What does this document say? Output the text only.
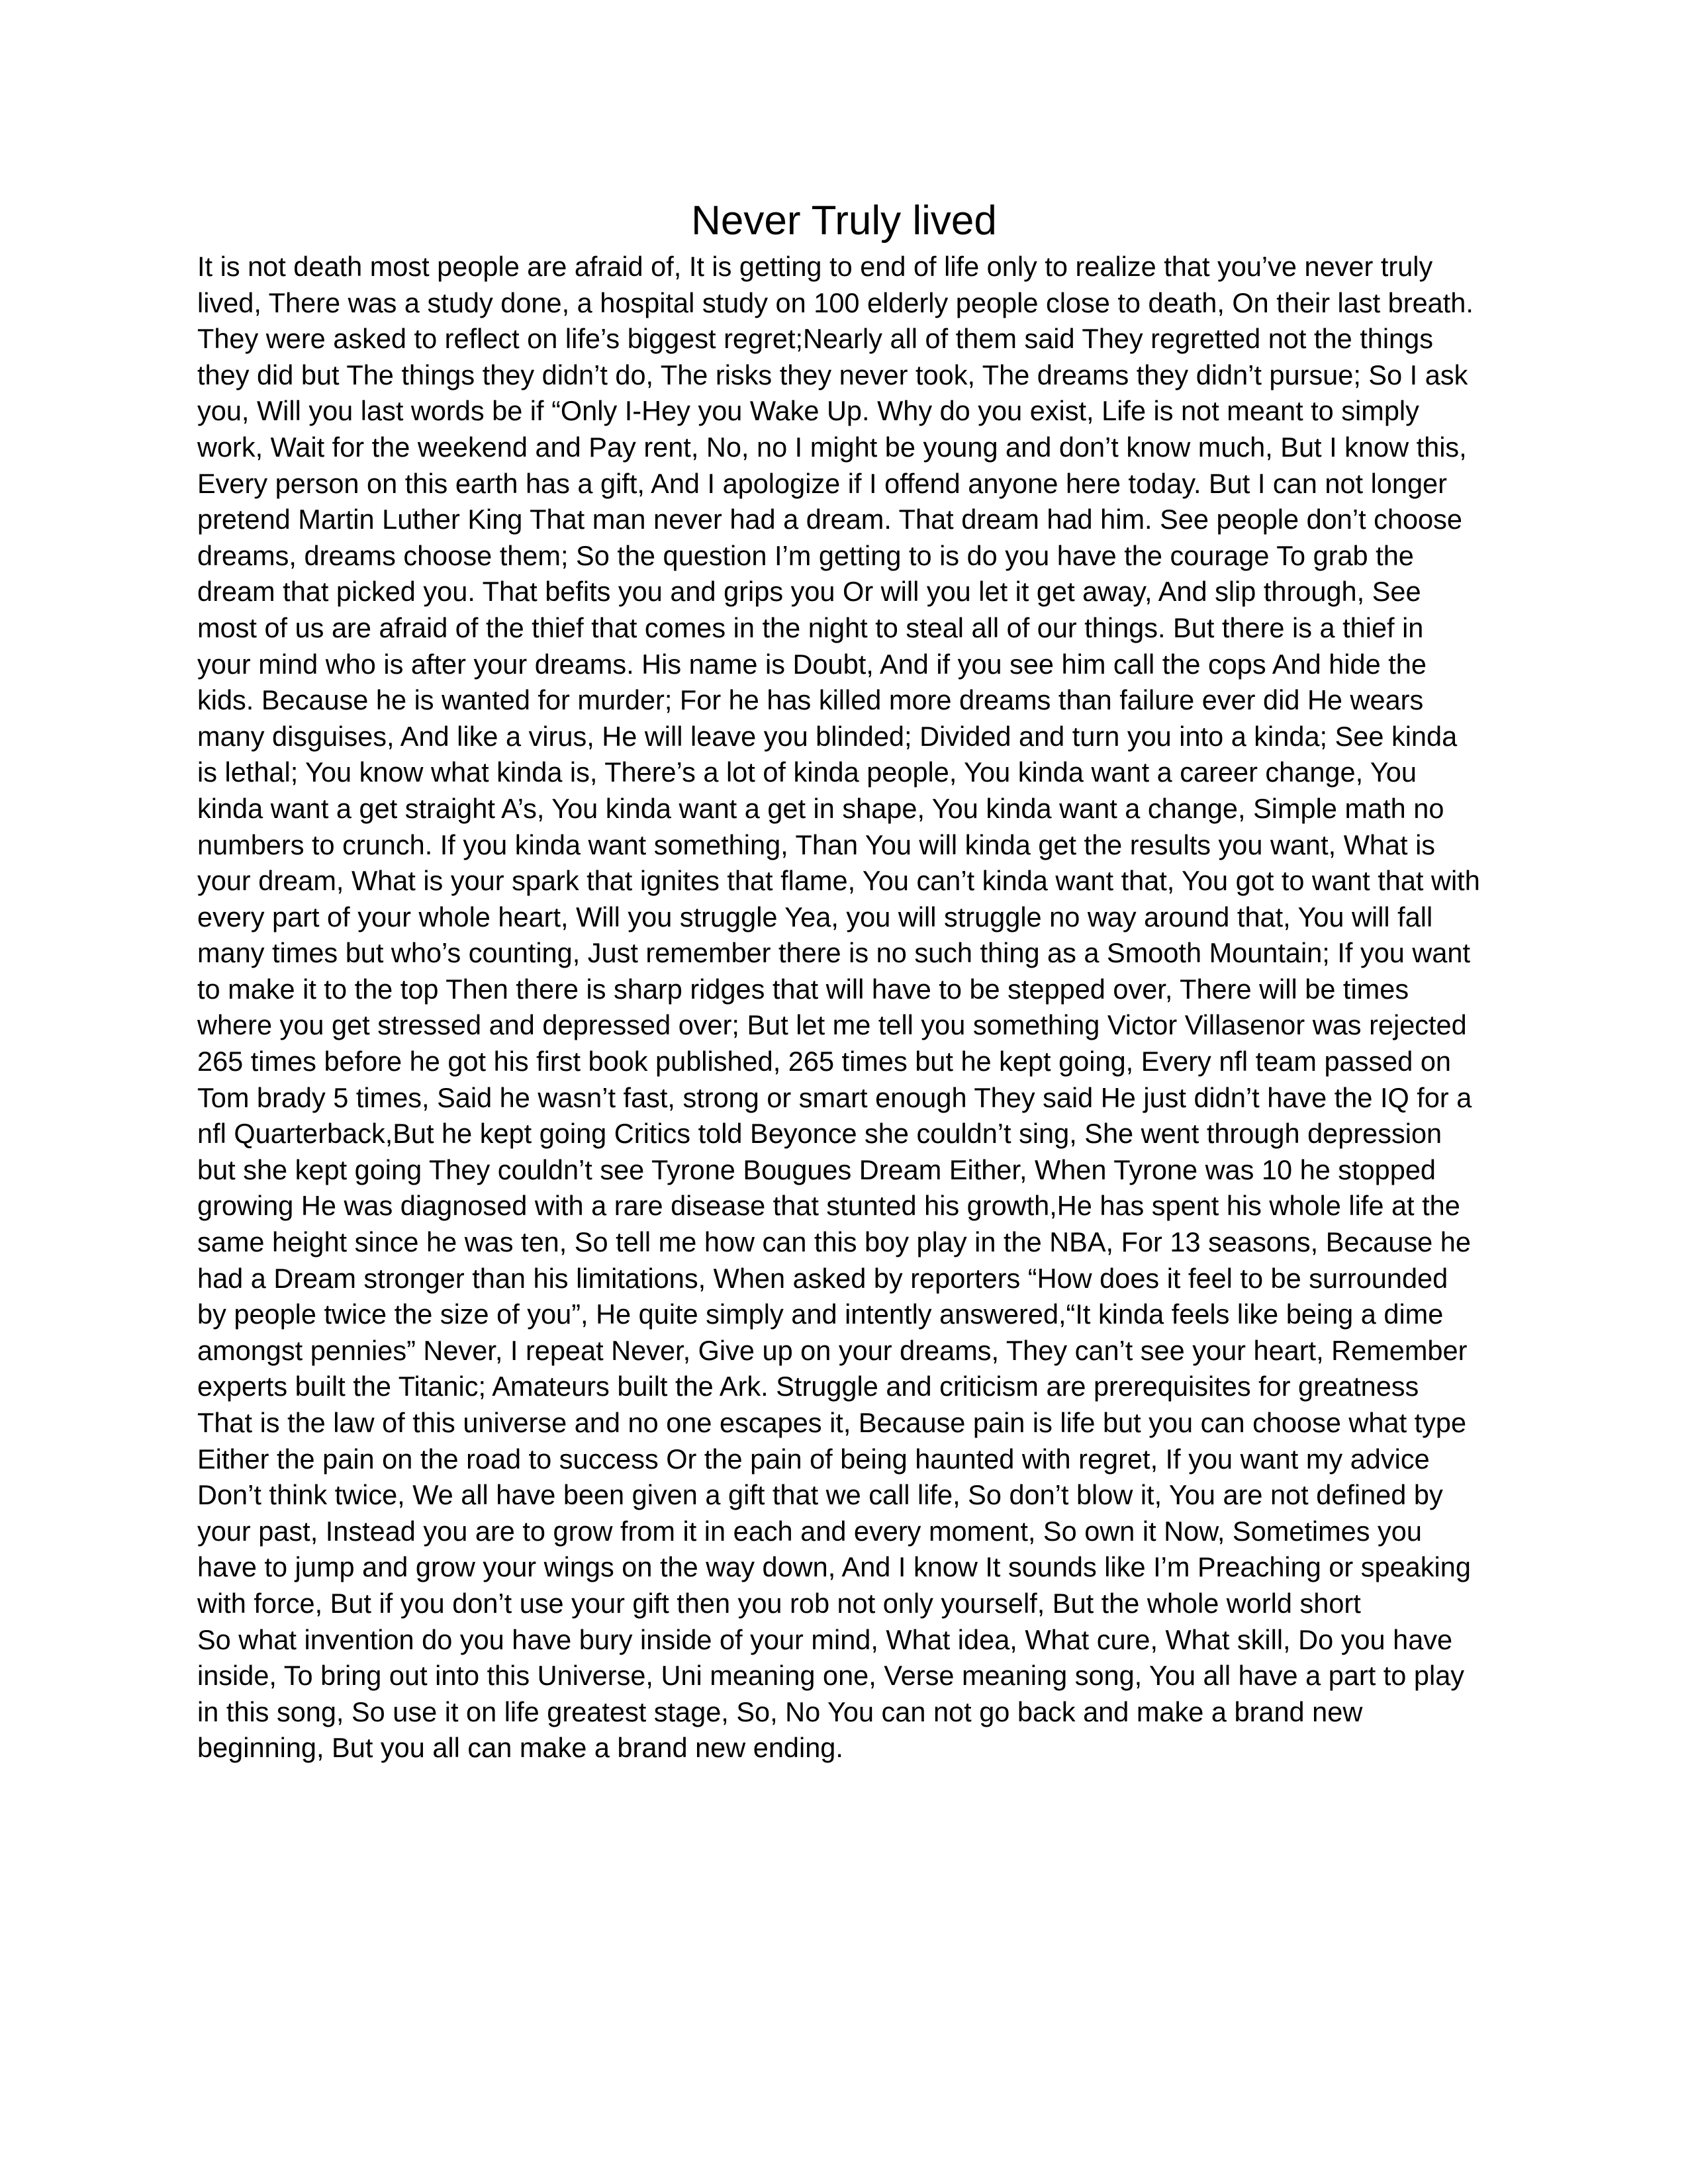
Never Truly lived
It is not death most people are afraid of, It is getting to end of life only to realize that you’ve never truly
lived, There was a study done, a hospital study on 100 elderly people close to death, On their last breath.
They were asked to reflect on life’s biggest regret;Nearly all of them said They regretted not the things
they did but The things they didn’t do, The risks they never took, The dreams they didn’t pursue; So I ask
you, Will you last words be if “Only I-Hey you Wake Up. Why do you exist, Life is not meant to simply
work, Wait for the weekend and Pay rent, No, no I might be young and don’t know much, But I know this,
Every person on this earth has a gift, And I apologize if I offend anyone here today. But I can not longer
pretend Martin Luther King That man never had a dream. That dream had him. See people don’t choose
dreams, dreams choose them; So the question I’m getting to is do you have the courage To grab the
dream that picked you. That befits you and grips you Or will you let it get away, And slip through, See
most of us are afraid of the thief that comes in the night to steal all of our things. But there is a thief in
your mind who is after your dreams. His name is Doubt, And if you see him call the cops And hide the
kids. Because he is wanted for murder; For he has killed more dreams than failure ever did He wears
many disguises, And like a virus, He will leave you blinded; Divided and turn you into a kinda; See kinda
is lethal; You know what kinda is, There’s a lot of kinda people, You kinda want a career change, You
kinda want a get straight A’s, You kinda want a get in shape, You kinda want a change, Simple math no
numbers to crunch. If you kinda want something, Than You will kinda get the results you want, What is
your dream, What is your spark that ignites that flame, You can’t kinda want that, You got to want that with
every part of your whole heart, Will you struggle Yea, you will struggle no way around that, You will fall
many times but who’s counting, Just remember there is no such thing as a Smooth Mountain; If you want
to make it to the top Then there is sharp ridges that will have to be stepped over, There will be times
where you get stressed and depressed over; But let me tell you something Victor Villasenor was rejected
265 times before he got his first book published, 265 times but he kept going, Every nfl team passed on
Tom brady 5 times, Said he wasn’t fast, strong or smart enough They said He just didn’t have the IQ for a
nfl Quarterback,But he kept going Critics told Beyonce she couldn’t sing, She went through depression
but she kept going They couldn’t see Tyrone Bougues Dream Either, When Tyrone was 10 he stopped
growing He was diagnosed with a rare disease that stunted his growth,He has spent his whole life at the
same height since he was ten, So tell me how can this boy play in the NBA, For 13 seasons, Because he
had a Dream stronger than his limitations, When asked by reporters “How does it feel to be surrounded
by people twice the size of you”, He quite simply and intently answered,“It kinda feels like being a dime
amongst pennies” Never, I repeat Never, Give up on your dreams, They can’t see your heart, Remember
experts built the Titanic; Amateurs built the Ark. Struggle and criticism are prerequisites for greatness
That is the law of this universe and no one escapes it, Because pain is life but you can choose what type
Either the pain on the road to success Or the pain of being haunted with regret, If you want my advice
Don’t think twice, We all have been given a gift that we call life, So don’t blow it, You are not defined by
your past, Instead you are to grow from it in each and every moment, So own it Now, Sometimes you
have to jump and grow your wings on the way down, And I know It sounds like I’m Preaching or speaking
with force, But if you don’t use your gift then you rob not only yourself, But the whole world short
So what invention do you have bury inside of your mind, What idea, What cure, What skill, Do you have
inside, To bring out into this Universe, Uni meaning one, Verse meaning song, You all have a part to play
in this song, So use it on life greatest stage, So, No You can not go back and make a brand new
beginning, But you all can make a brand new ending.
